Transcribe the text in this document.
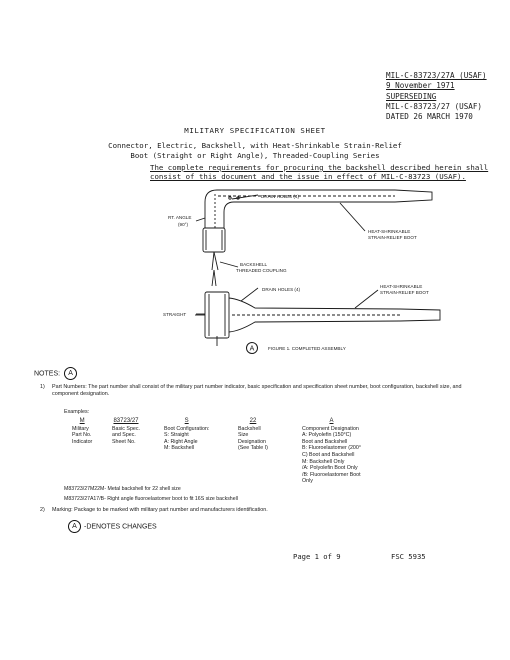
MIL-C-83723/27A (USAF)
9 November 1971
SUPERSEDING
MIL-C-83723/27 (USAF)
DATED 26 MARCH 1970
MILITARY SPECIFICATION SHEET
Connector, Electric, Backshell, with Heat-Shrinkable Strain-Relief
Boot (Straight or Right Angle), Threaded-Coupling Series
The complete requirements for procuring the backshell described herein shall
consist of this document and the issue in effect of MIL-C-83723 (USAF).
DRAIN HOLES (4)
RT. ANGLE
(90°)
HEAT-SHRINKABLE
STRAIN-RELIEF BOOT
BACKSHELL
THREADED COUPLING
HEAT-SHRINKABLE
STRAIN-RELIEF BOOT
DRAIN HOLES (4)
STRAIGHT
A	FIGURE 1. COMPLETED ASSEMBLY
NOTES: A
1) Part Numbers: The part number shall consist of the military part number indicator, basic specification and specification sheet number, boot configuration, backshell size, and component designation.
Examples:
M
Military
Part No.
Indicator
83723/27
Basic Spec.
and Spec.
Sheet No.
S
Boot Configuration:
S: Straight
A: Right Angle
M: Backshell
22
Backshell
Size
Designation
(See Table I)
A
Component Designation
A: Polyolefin (150°C)
Boot and Backshell
B: Fluoroelastomer (200°
C) Boot and Backshell
M: Backshell Only
/A: Polyolefin Boot Only
/B: Fluoroelastomer Boot
Only
M83723/27M22M- Metal backshell for 22 shell size
M83723/27A17/B- Right angle fluoroelastomer boot to fit 16S size backshell
2) Marking: Package to be marked with military part number and manufacturers identification.
A -DENOTES CHANGES
Page 1 of 9	FSC 5935
